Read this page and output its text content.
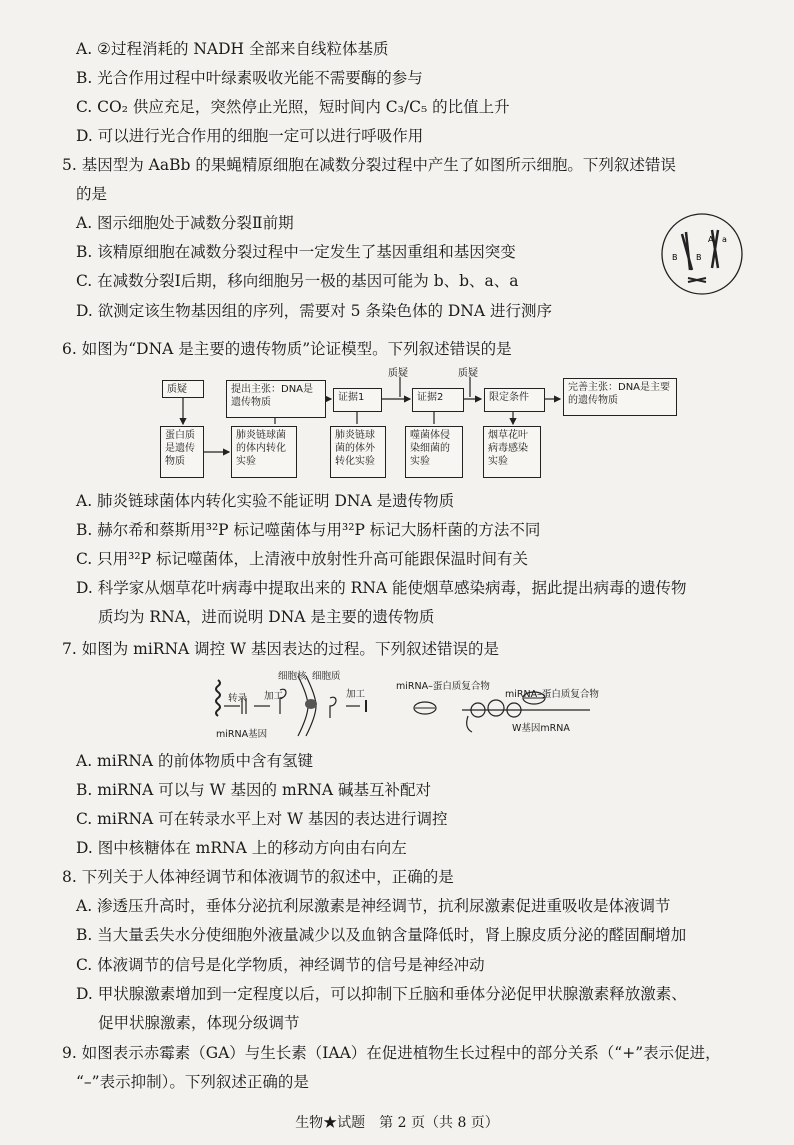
A. ②过程消耗的 NADH 全部来自线粒体基质
B. 光合作用过程中叶绿素吸收光能不需要酶的参与
C. CO₂ 供应充足，突然停止光照，短时间内 C₃/C₅ 的比值上升
D. 可以进行光合作用的细胞一定可以进行呼吸作用
5. 基因型为 AaBb 的果蝇精原细胞在减数分裂过程中产生了如图所示细胞。下列叙述错误
的是
A. 图示细胞处于减数分裂Ⅱ前期
B. 该精原细胞在减数分裂过程中一定发生了基因重组和基因突变
C. 在减数分裂Ⅰ后期，移向细胞另一极的基因可能为 b、b、a、a
D. 欲测定该生物基因组的序列，需要对 5 条染色体的 DNA 进行测序
A a
B B
6. 如图为“DNA 是主要的遗传物质”论证模型。下列叙述错误的是
质疑	提出主张：DNA是遗传物质	证据1	证据2	限定条件
完善主张：DNA是主要的遗传物质
质疑	质疑
蛋白质是遗传物质
肺炎链球菌的体内转化实验
肺炎链球菌的体外转化实验
噬菌体侵染细菌的实验
烟草花叶病毒感染实验
A. 肺炎链球菌体内转化实验不能证明 DNA 是遗传物质
B. 赫尔希和蔡斯用³²P 标记噬菌体与用³²P 标记大肠杆菌的方法不同
C. 只用³²P 标记噬菌体，上清液中放射性升高可能跟保温时间有关
D. 科学家从烟草花叶病毒中提取出来的 RNA 能使烟草感染病毒，据此提出病毒的遗传物
质均为 RNA，进而说明 DNA 是主要的遗传物质
7. 如图为 miRNA 调控 W 基因表达的过程。下列叙述错误的是
细胞核 细胞质
转录 加工	加工
miRNA基因
miRNA–蛋白质复合物
miRNA–蛋白质复合物
W基因mRNA
A. miRNA 的前体物质中含有氢键
B. miRNA 可以与 W 基因的 mRNA 碱基互补配对
C. miRNA 可在转录水平上对 W 基因的表达进行调控
D. 图中核糖体在 mRNA 上的移动方向由右向左
8. 下列关于人体神经调节和体液调节的叙述中，正确的是
A. 渗透压升高时，垂体分泌抗利尿激素是神经调节，抗利尿激素促进重吸收是体液调节
B. 当大量丢失水分使细胞外液量减少以及血钠含量降低时，肾上腺皮质分泌的醛固酮增加
C. 体液调节的信号是化学物质，神经调节的信号是神经冲动
D. 甲状腺激素增加到一定程度以后，可以抑制下丘脑和垂体分泌促甲状腺激素释放激素、
促甲状腺激素，体现分级调节
9. 如图表示赤霉素（GA）与生长素（IAA）在促进植物生长过程中的部分关系（“+”表示促进，
“–”表示抑制）。下列叙述正确的是
生物★试题　第 2 页（共 8 页）
